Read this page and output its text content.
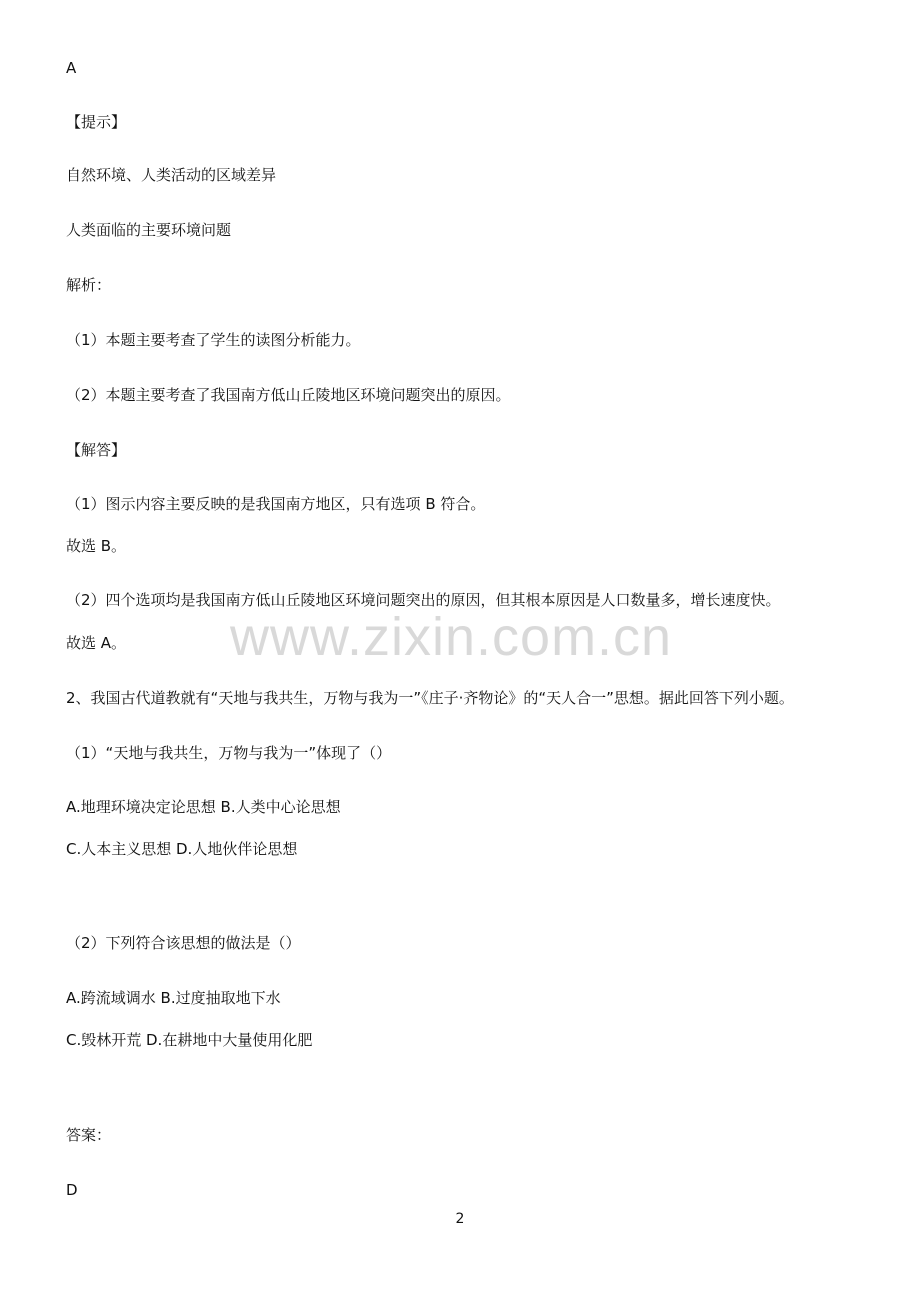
A
【提示】
自然环境、人类活动的区域差异
人类面临的主要环境问题
解析：
（1）本题主要考查了学生的读图分析能力。
（2）本题主要考查了我国南方低山丘陵地区环境问题突出的原因。
【解答】
（1）图示内容主要反映的是我国南方地区，只有选项 B 符合。
故选 B。
（2）四个选项均是我国南方低山丘陵地区环境问题突出的原因，但其根本原因是人口数量多，增长速度快。
故选 A。
2、我国古代道教就有“天地与我共生，万物与我为一”《庄子·齐物论》的“天人合一”思想。据此回答下列小题。
（1）“天地与我共生，万物与我为一”体现了（）
A.地理环境决定论思想 B.人类中心论思想
C.人本主义思想 D.人地伙伴论思想
（2）下列符合该思想的做法是（）
A.跨流域调水 B.过度抽取地下水
C.毁林开荒 D.在耕地中大量使用化肥
答案：
D
www.zixin.com.cn
2
